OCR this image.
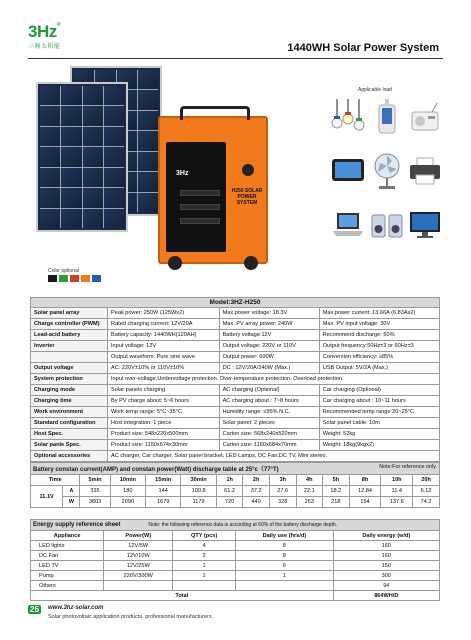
3Hz®
三赫太阳能	1440WH Solar Power System
3Hz
H250 SOLAR POWER SYSTEM
Color optional
Applicable load
Model:3HZ-H250			
Solar panel array	Peak power: 250W (125Wx2)	Max.power voltage: 18.3V	Max.power current: 13.66A (6.83Ax2)
Charge controller (PWM)	Rated charging current: 12V/20A	Max. PV array power: 240W	Max. PV input voltage: 30V
Lead-acid battery	Battery capacity: 1440WH(120AH)	Battery voltage:12V	Recommend discharge: 60%
Inverter	Input voltage: 12V	Output voltage: 220V or 110V	Output frequency:50Hz±3 or 60Hz±3
	Output waveform: Pure sine wave	Output power: 600W	Conversion efficiency: ≥85%
Output voltage	AC: 220V±10% or 110V±10%	DC : 12V/20A/240W (Max.)	USB Output: 5V/2A (Max.)
System protection	Input over-voltage,Undervoltage protection. Over-temperature protection. Overload protection.		
Charging mode	Solar panels charging	AC charging (Optional)	Car charging (Optional)
Charging time	By PV charge about: 5~6 hours	AC charging about : 7~8 hours	Car charging about : 10~11 hours
Work environment	Work temp range: 5°C~35°C	Humidity range: ≤95% N.C.	Recommended temp range:20~25°C
Standard configuration	Host integration: 1 piece	Solar panel: 2 pieces	Solar panel cable: 10m
Host Spec.	Product size: 548x220x500mm	Carton size: 568x240x520mm	Weight: 52kg
Solar panle Spec.	Product size: 1150x674x30mm	Carton size: 1160x684x70mm	Weight: 18kg(9kgx2)
Optional accessories	AC charger, Car charger, Solar panel bracket, LED Lamps, DC Fan,DC TV, Mini stereo.		
Battery constan current(AMP) and constan power(Watt) discharge table at 25°c（77°T) Note:For reference only.													

Time		5min	10min	15min	30min	1h	2h	3h	4h	5h	8h	10h	20h
11.1V	A	335	180	144	100.8	61.2	37.2	27.6	22.1	18.2	12.84	11.4	6.12
	W	3803	2090	1679	1179	720	440	328	263	218	154	137.6	74.2
Energy supply reference sheet Note: the following reference data is according at 60% of the battery discharge depth.				
Appliance	Power(W)	QTY (pcs)	Daily use (hrs/d)	Daily energy (w/d)
LED lights	12V/5W	4	8	160
DC Fan	12V/10W	2	8	160
LED TV	12V/25W	1	6	150
Pump	220V/300W	1	1	300
Others				94
Total				864WH/D
25	www.3hz-solar.com
Solar photovoltaic application products, professional manufacturers.
